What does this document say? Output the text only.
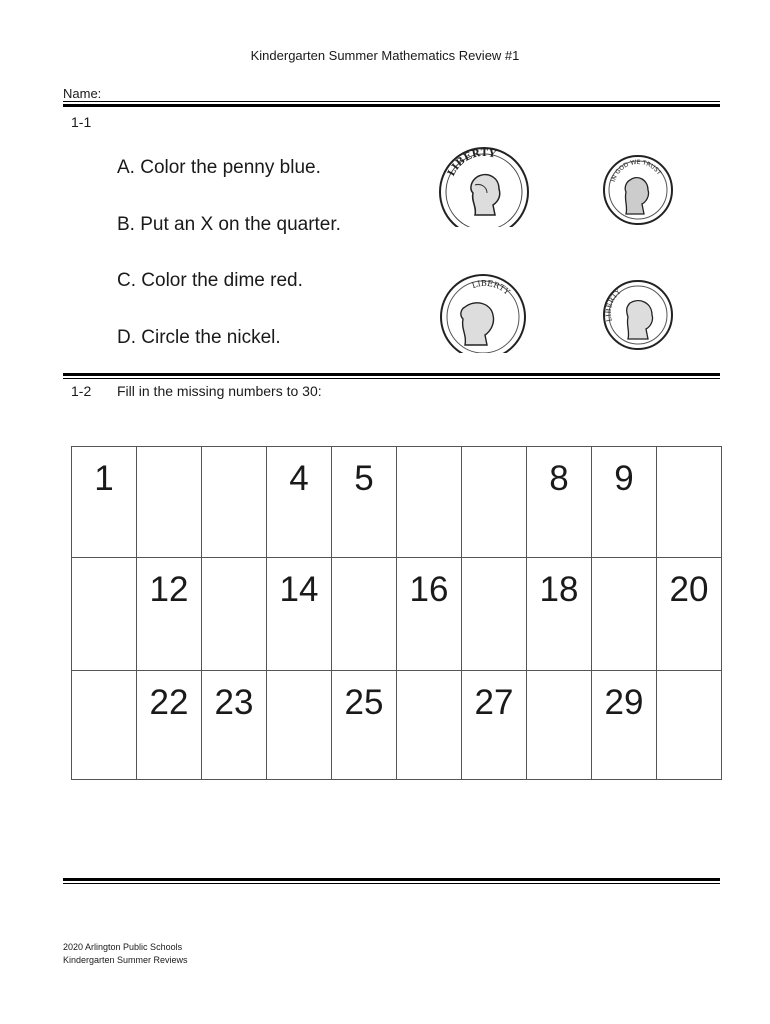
Kindergarten Summer Mathematics Review #1
Name:
1-1
A. Color the penny blue.
B. Put an X on the quarter.
C. Color the dime red.
D. Circle the nickel.
LIBERTY
IN GOD WE TRUST
LIBERTY
LIBERTY
1-2 Fill in the missing numbers to 30:
1			4	5			8	9	

	12		14		16		18		20

	22	23		25		27		29	

2020 Arlington Public Schools
Kindergarten Summer Reviews
